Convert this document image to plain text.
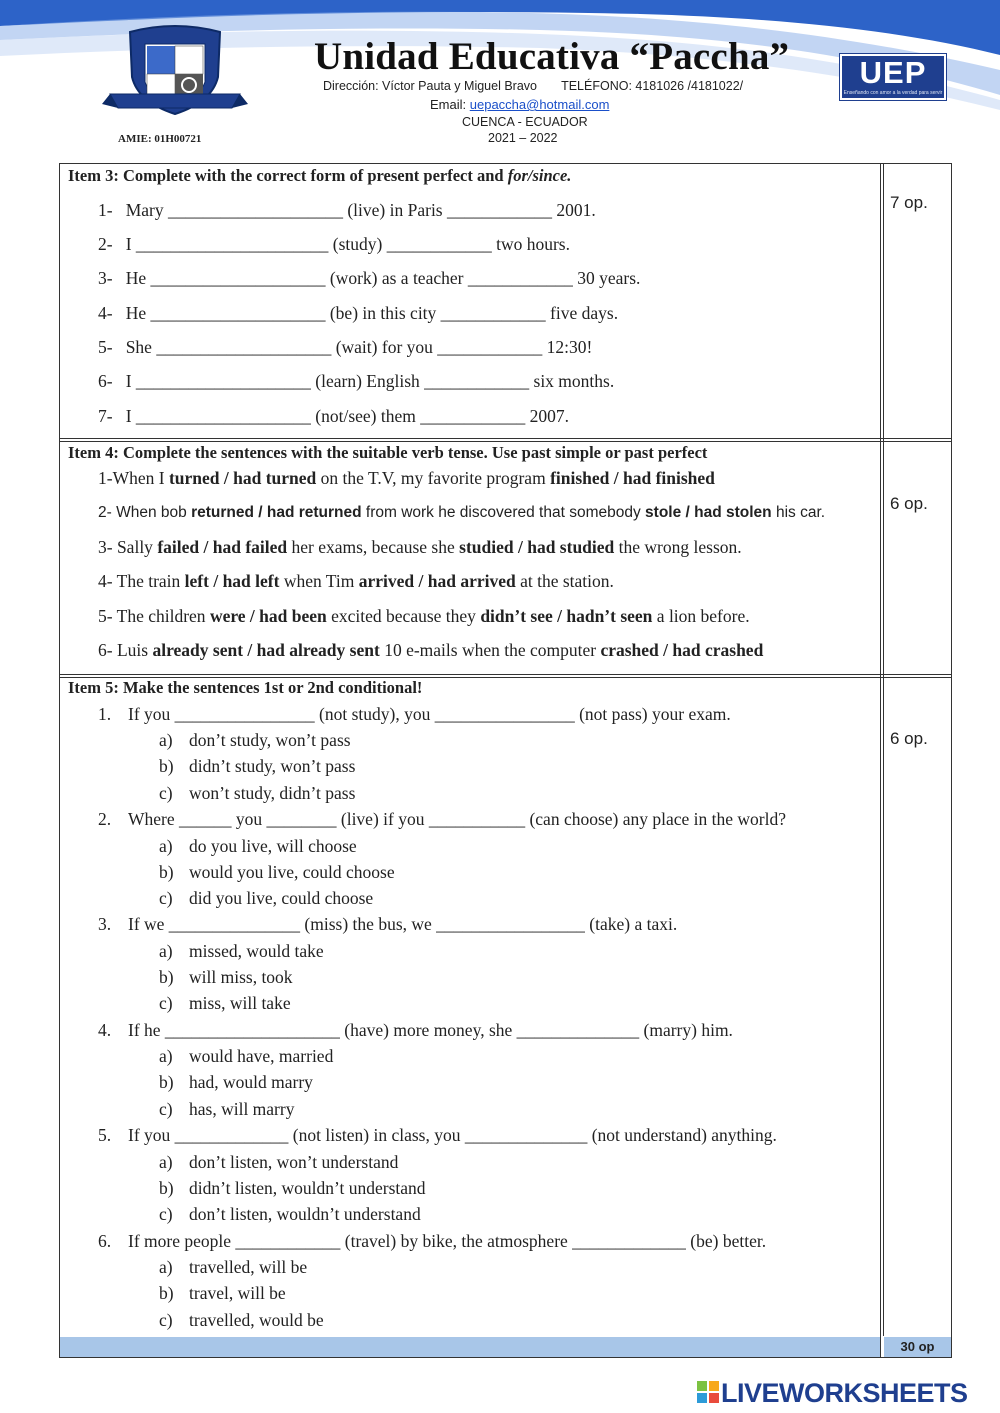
AMIE: 01H00721
Unidad Educativa “Paccha”
Dirección: Víctor Pauta y Miguel Bravo TELÉFONO: 4181026 /4181022/
Email: uepaccha@hotmail.com
CUENCA - ECUADOR
2021 – 2022
UEP
Enseñando con amor a la verdad para servir
30 op
Item 3: Complete with the correct form of present perfect and for/since.
7 op.
1-   Mary ____________________ (live) in Paris ____________ 2001.
2-   I ______________________ (study) ____________ two hours.
3-   He ____________________ (work) as a teacher ____________ 30 years.
4-   He ____________________ (be) in this city ____________ five days.
5-   She ____________________ (wait) for you ____________ 12:30!
6-   I ____________________ (learn) English ____________ six months.
7-   I ____________________ (not/see) them ____________ 2007.
Item 4: Complete the sentences with the suitable verb tense. Use past simple or past perfect
6 op.
1-When I turned / had turned on the T.V, my favorite program finished / had finished
2- When bob returned / had returned from work he discovered that somebody stole / had stolen his car.
3- Sally failed / had failed her exams, because she studied / had studied the wrong lesson.
4- The train left / had left when Tim arrived / had arrived at the station.
5- The children were / had been excited because they didn’t see / hadn’t seen a lion before.
6- Luis already sent / had already sent 10 e-mails when the computer crashed / had crashed
Item 5: Make the sentences 1st or 2nd conditional!
6 op.
1. If you ________________ (not study), you ________________ (not pass) your exam.
a) don’t study, won’t pass
b) didn’t study, won’t pass
c) won’t study, didn’t pass
2. Where ______ you ________ (live) if you ___________ (can choose) any place in the world?
a) do you live, will choose
b) would you live, could choose
c) did you live, could choose
3. If we _______________ (miss) the bus, we _________________ (take) a taxi.
a) missed, would take
b) will miss, took
c) miss, will take
4. If he ____________________ (have) more money, she ______________ (marry) him.
a) would have, married
b) had, would marry
c) has, will marry
5. If you _____________ (not listen) in class, you ______________ (not understand) anything.
a) don’t listen, won’t understand
b) didn’t listen, wouldn’t understand
c) don’t listen, wouldn’t understand
6. If more people ____________ (travel) by bike, the atmosphere _____________ (be) better.
a) travelled, will be
b) travel, will be
c) travelled, would be
LIVEWORKSHEETS
